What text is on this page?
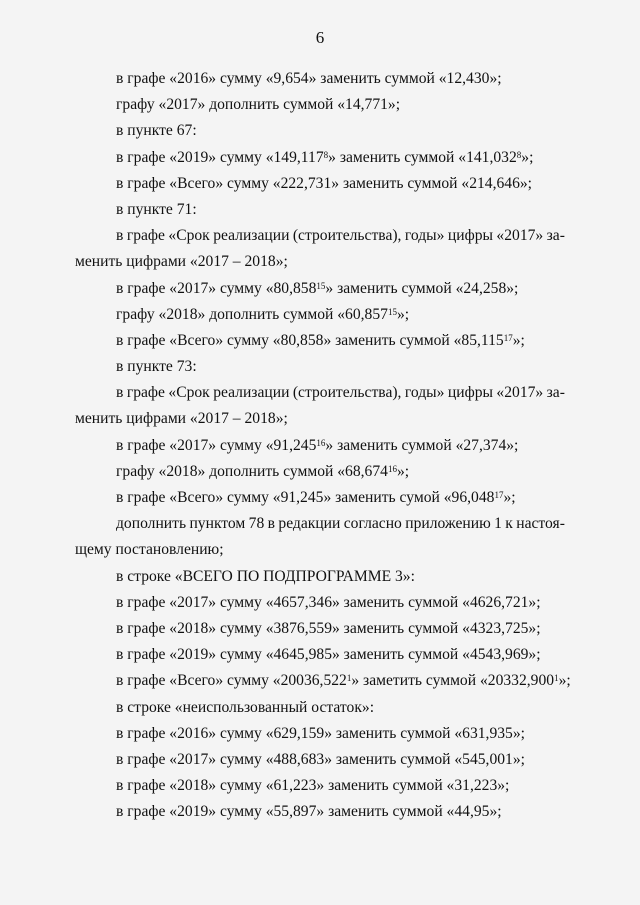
6
в графе «2016» сумму «9,654» заменить суммой «12,430»;
графу «2017» дополнить суммой «14,771»;
в пункте 67:
в графе «2019» сумму «149,117$^8$» заменить суммой «141,032$^8$»;
в графе «Всего» сумму «222,731» заменить суммой «214,646»;
в пункте 71:
в графе «Срок реализации (строительства), годы» цифры «2017» за-
менить цифрами «2017 – 2018»;
в графе «2017» сумму «80,858$^{15}$» заменить суммой «24,258»;
графу «2018» дополнить суммой «60,857$^{15}$»;
в графе «Всего» сумму «80,858» заменить суммой «85,115$^{17}$»;
в пункте 73:
в графе «Срок реализации (строительства), годы» цифры «2017» за-
менить цифрами «2017 – 2018»;
в графе «2017» сумму «91,245$^{16}$» заменить суммой «27,374»;
графу «2018» дополнить суммой «68,674$^{16}$»;
в графе «Всего» сумму «91,245» заменить сумой «96,048$^{17}$»;
дополнить пунктом 78 в редакции согласно приложению 1 к настоя-
щему постановлению;
в строке «ВСЕГО ПО ПОДПРОГРАММЕ 3»:
в графе «2017» сумму «4657,346» заменить суммой «4626,721»;
в графе «2018» сумму «3876,559» заменить суммой «4323,725»;
в графе «2019» сумму «4645,985» заменить суммой «4543,969»;
в графе «Всего» сумму «20036,522$^1$» заметить суммой «20332,900$^1$»;
в строке «неиспользованный остаток»:
в графе «2016» сумму «629,159» заменить суммой «631,935»;
в графе «2017» сумму «488,683» заменить суммой «545,001»;
в графе «2018» сумму «61,223» заменить суммой «31,223»;
в графе «2019» сумму «55,897» заменить суммой «44,95»;
